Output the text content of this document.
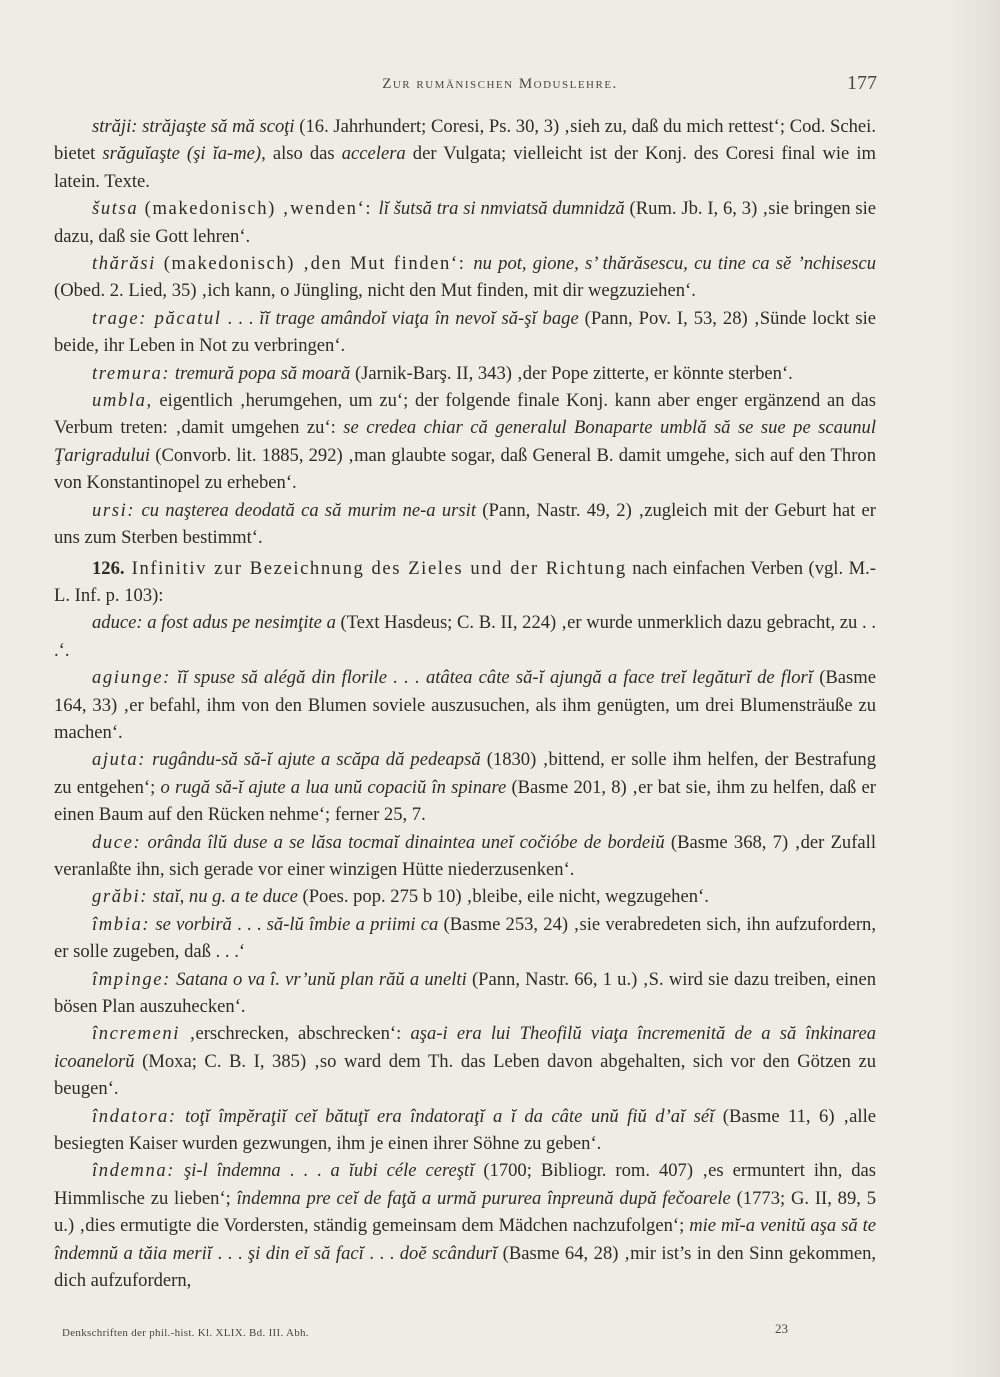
Zur rumänischen Moduslehre.	177

străji: străjaşte să mă scoţi (16. Jahrhundert; Coresi, Ps. 30, 3) ‚sieh zu, daß du mich rettest‘; Cod. Schei. bietet srăguĭaşte (şi ĭa-me), also das accelera der Vulgata; vielleicht ist der Konj. des Coresi final wie im latein. Texte.

šutsa (makedonisch) ‚wenden‘: lĭ šutsă tra si nmviatsă dumnidză (Rum. Jb. I, 6, 3) ‚sie bringen sie dazu, daß sie Gott lehren‘.

thărăsi (makedonisch) ‚den Mut finden‘: nu pot, gione, s’ thărăsescu, cu tine ca sĕ ’nchisescu (Obed. 2. Lied, 35) ‚ich kann, o Jüngling, nicht den Mut finden, mit dir wegzuziehen‘.

trage: păcatul . . . ĭĭ trage amândoĭ viaţa în nevoĭ să-şĭ bage (Pann, Pov. I, 53, 28) ‚Sünde lockt sie beide, ihr Leben in Not zu verbringen‘.

tremura: tremură popa să moară (Jarnik-Barş. II, 343) ‚der Pope zitterte, er könnte sterben‘.

umbla, eigentlich ‚herumgehen, um zu‘; der folgende finale Konj. kann aber enger ergänzend an das Verbum treten: ‚damit umgehen zu‘: se credea chiar că generalul Bonaparte umblă să se sue pe scaunul Ţarigradului (Convorb. lit. 1885, 292) ‚man glaubte sogar, daß General B. damit umgehe, sich auf den Thron von Konstantinopel zu erheben‘.

ursi: cu naşterea deodată ca să murim ne-a ursit (Pann, Nastr. 49, 2) ‚zugleich mit der Geburt hat er uns zum Sterben bestimmt‘.

126. Infinitiv zur Bezeichnung des Zieles und der Richtung nach einfachen Verben (vgl. M.-L. Inf. p. 103):

aduce: a fost adus pe nesimţite a (Text Hasdeus; C. B. II, 224) ‚er wurde unmerklich dazu gebracht, zu . . .‘.

agiunge: ĭĭ spuse să alégă din florile . . . atâtea câte să-ĭ ajungă a face treĭ legăturĭ de florĭ (Basme 164, 33) ‚er befahl, ihm von den Blumen soviele auszusuchen, als ihm genügten, um drei Blumensträuße zu machen‘.

ajuta: rugându-să să-ĭ ajute a scăpa dă pedeapsă (1830) ‚bittend, er solle ihm helfen, der Bestrafung zu entgehen‘; o rugă să-ĭ ajute a lua unŭ copaciŭ în spinare (Basme 201, 8) ‚er bat sie, ihm zu helfen, daß er einen Baum auf den Rücken nehme‘; ferner 25, 7.

duce: orânda îlŭ duse a se lăsa tocmaĭ dinaintea uneĭ cočióbe de bordeiŭ (Basme 368, 7) ‚der Zufall veranlaßte ihn, sich gerade vor einer winzigen Hütte niederzusenken‘.

grăbi: staĭ, nu g. a te duce (Poes. pop. 275 b 10) ‚bleibe, eile nicht, wegzugehen‘.

îmbia: se vorbiră . . . să-lŭ îmbie a priimi ca (Basme 253, 24) ‚sie verabredeten sich, ihn aufzufordern, er solle zugeben, daß . . .‘

împinge: Satana o va î. vr’unŭ plan răŭ a unelti (Pann, Nastr. 66, 1 u.) ‚S. wird sie dazu treiben, einen bösen Plan auszuhecken‘.

încremeni ‚erschrecken, abschrecken‘: aşa-i era lui Theofilŭ viaţa încremenită de a să înkinarea icoanelorŭ (Moxa; C. B. I, 385) ‚so ward dem Th. das Leben davon abgehalten, sich vor den Götzen zu beugen‘.

îndatora: toţĭ împĕraţiĭ ceĭ bătuţĭ era îndatoraţĭ a ĭ da câte unŭ fiŭ d’aĭ séĭ (Basme 11, 6) ‚alle besiegten Kaiser wurden gezwungen, ihm je einen ihrer Söhne zu geben‘.

îndemna: şi-l îndemna . . . a ĭubi céle cereştĭ (1700; Bibliogr. rom. 407) ‚es ermuntert ihn, das Himmlische zu lieben‘; îndemna pre ceĭ de faţă a urmă pururea înpreună după fečoarele (1773; G. II, 89, 5 u.) ‚dies ermutigte die Vordersten, ständig gemeinsam dem Mädchen nachzufolgen‘; mie mĭ-a venitŭ aşa să te îndemnŭ a tăia meriĭ . . . şi din eĭ să facĭ . . . doĕ scândurĭ (Basme 64, 28) ‚mir ist’s in den Sinn gekommen, dich aufzufordern,

Denkschriften der phil.-hist. Kl. XLIX. Bd. III. Abh.	23
